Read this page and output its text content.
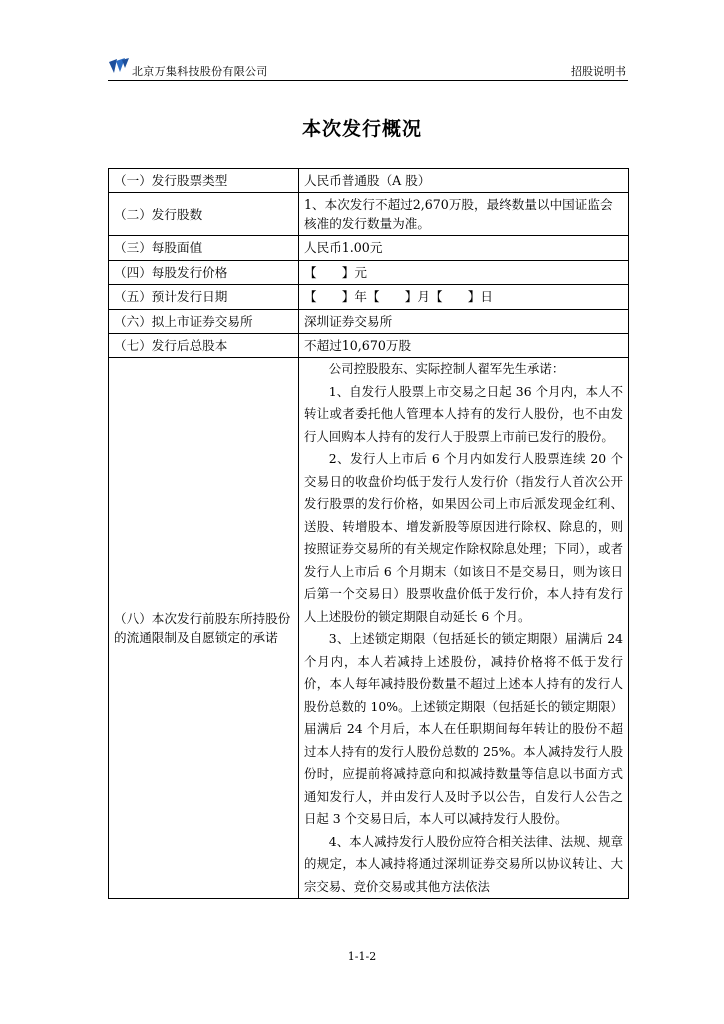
北京万集科技股份有限公司	招股说明书
本次发行概况
（一）发行股票类型	人民币普通股（A 股）
（二）发行股数	1、本次发行不超过2,670万股，最终数量以中国证监会核准的发行数量为准。
（三）每股面值	人民币1.00元
（四）每股发行价格	【　　】元
（五）预计发行日期	【　　】年【　　】月【　　】日
（六）拟上市证券交易所	深圳证券交易所
（七）发行后总股本	不超过10,670万股
（八）本次发行前股东所持股份的流通限制及自愿锁定的承诺	公司控股股东、实际控制人翟军先生承诺：
1、自发行人股票上市交易之日起 36 个月内，本人不转让或者委托他人管理本人持有的发行人股份，也不由发行人回购本人持有的发行人于股票上市前已发行的股份。
2、发行人上市后 6 个月内如发行人股票连续 20 个交易日的收盘价均低于发行人发行价（指发行人首次公开发行股票的发行价格，如果因公司上市后派发现金红利、送股、转增股本、增发新股等原因进行除权、除息的，则按照证券交易所的有关规定作除权除息处理；下同），或者发行人上市后 6 个月期末（如该日不是交易日，则为该日后第一个交易日）股票收盘价低于发行价，本人持有发行人上述股份的锁定期限自动延长 6 个月。
3、上述锁定期限（包括延长的锁定期限）届满后 24 个月内，本人若减持上述股份，减持价格将不低于发行价，本人每年减持股份数量不超过上述本人持有的发行人股份总数的 10%。上述锁定期限（包括延长的锁定期限）届满后 24 个月后，本人在任职期间每年转让的股份不超过本人持有的发行人股份总数的 25%。本人减持发行人股份时，应提前将减持意向和拟减持数量等信息以书面方式通知发行人，并由发行人及时予以公告，自发行人公告之日起 3 个交易日后，本人可以减持发行人股份。
4、本人减持发行人股份应符合相关法律、法规、规章的规定，本人减持将通过深圳证券交易所以协议转让、大宗交易、竞价交易或其他方法依法
1-1-2
